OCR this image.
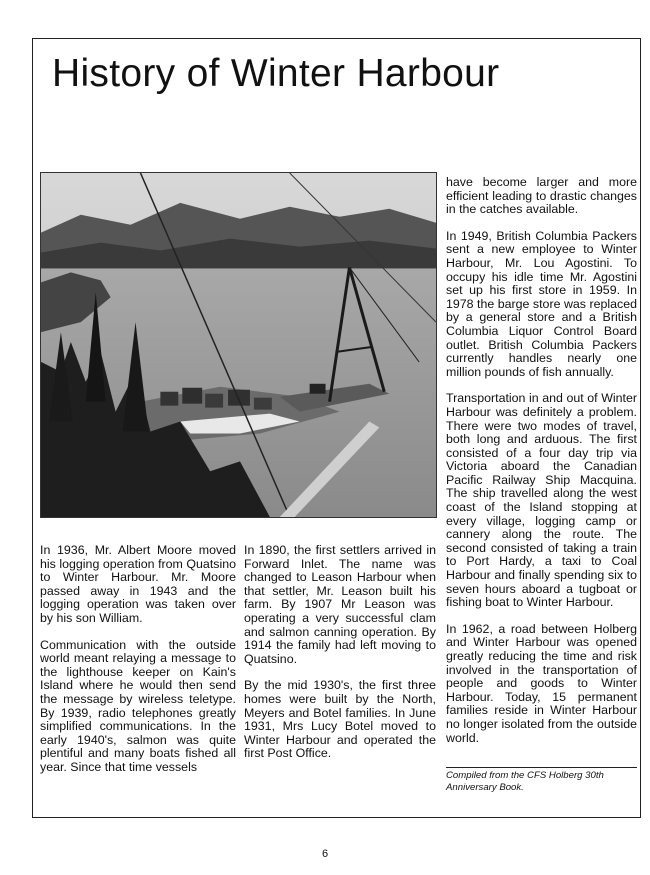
History of Winter Harbour

In 1936, Mr. Albert Moore moved his logging operation from Quatsino to Winter Harbour. Mr. Moore passed away in 1943 and the logging operation was taken over by his son William.

Communication with the outside world meant relaying a message to the lighthouse keeper on Kain's Island where he would then send the message by wireless teletype. By 1939, radio telephones greatly simplified communications. In the early 1940's, salmon was quite plentiful and many boats fished all year. Since that time vessels

In 1890, the first settlers arrived in Forward Inlet. The name was changed to Leason Harbour when that settler, Mr. Leason built his farm. By 1907 Mr Leason was operating a very successful clam and salmon canning operation. By 1914 the family had left moving to Quatsino.

By the mid 1930's, the first three homes were built by the North, Meyers and Botel families. In June 1931, Mrs Lucy Botel moved to Winter Harbour and operated the first Post Office.

have become larger and more efficient leading to drastic changes in the catches available.

In 1949, British Columbia Packers sent a new employee to Winter Harbour, Mr. Lou Agostini. To occupy his idle time Mr. Agostini set up his first store in 1959. In 1978 the barge store was replaced by a general store and a British Columbia Liquor Control Board outlet. British Columbia Packers currently handles nearly one million pounds of fish annually.

Transportation in and out of Winter Harbour was definitely a problem. There were two modes of travel, both long and arduous. The first consisted of a four day trip via Victoria aboard the Canadian Pacific Railway Ship Macquina. The ship travelled along the west coast of the Island stopping at every village, logging camp or cannery along the route. The second consisted of taking a train to Port Hardy, a taxi to Coal Harbour and finally spending six to seven hours aboard a tugboat or fishing boat to Winter Harbour.

In 1962, a road between Holberg and Winter Harbour was opened greatly reducing the time and risk involved in the transportation of people and goods to Winter Harbour. Today, 15 permanent families reside in Winter Harbour no longer isolated from the outside world.

Compiled from the CFS Holberg 30th Anniversary Book.
6
